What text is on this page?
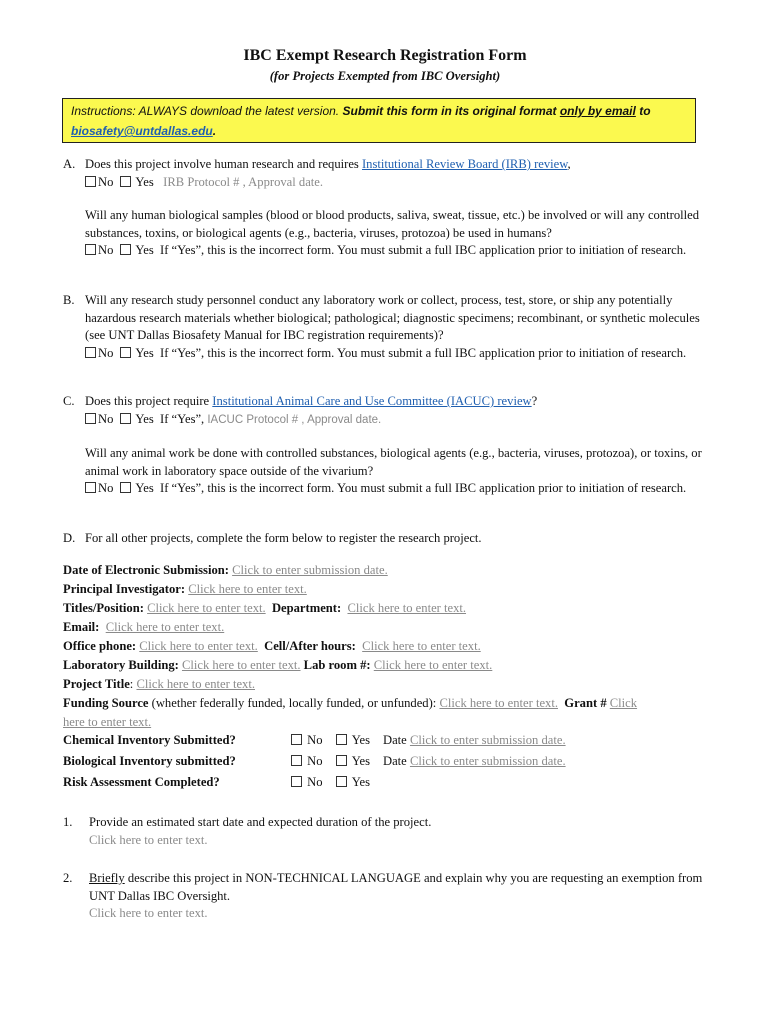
IBC Exempt Research Registration Form
(for Projects Exempted from IBC Oversight)
Instructions: ALWAYS download the latest version. Submit this form in its original format only by email to
biosafety@untdallas.edu.
A. Does this project involve human research and requires Institutional Review Board (IRB) review,
No Yes IRB Protocol # , Approval date.
Will any human biological samples (blood or blood products, saliva, sweat, tissue, etc.) be involved or will any controlled substances, toxins, or biological agents (e.g., bacteria, viruses, protozoa) be used in humans?
No Yes If “Yes”, this is the incorrect form. You must submit a full IBC application prior to initiation of research.
B. Will any research study personnel conduct any laboratory work or collect, process, test, store, or ship any potentially hazardous research materials whether biological; pathological; diagnostic specimens; recombinant, or synthetic molecules (see UNT Dallas Biosafety Manual for IBC registration requirements)?
No Yes If “Yes”, this is the incorrect form. You must submit a full IBC application prior to initiation of research.
C. Does this project require Institutional Animal Care and Use Committee (IACUC) review?
No Yes If “Yes”, IACUC Protocol # , Approval date.
Will any animal work be done with controlled substances, biological agents (e.g., bacteria, viruses, protozoa), or toxins, or animal work in laboratory space outside of the vivarium?
No Yes If “Yes”, this is the incorrect form. You must submit a full IBC application prior to initiation of research.
D. For all other projects, complete the form below to register the research project.
Date of Electronic Submission: Click to enter submission date.
Principal Investigator: Click here to enter text.
Titles/Position: Click here to enter text. Department: Click here to enter text.
Email: Click here to enter text.
Office phone: Click here to enter text. Cell/After hours: Click here to enter text.
Laboratory Building: Click here to enter text. Lab room #: Click here to enter text.
Project Title: Click here to enter text.
Funding Source (whether federally funded, locally funded, or unfunded): Click here to enter text. Grant # Click
here to enter text.
Chemical Inventory Submitted?	No	Yes Date Click to enter submission date.
Biological Inventory submitted?	No	Yes Date Click to enter submission date.
Risk Assessment Completed?	No	Yes
1.	Provide an estimated start date and expected duration of the project.
Click here to enter text.
2.	Briefly describe this project in NON-TECHNICAL LANGUAGE and explain why you are requesting an exemption from UNT Dallas IBC Oversight.
Click here to enter text.
